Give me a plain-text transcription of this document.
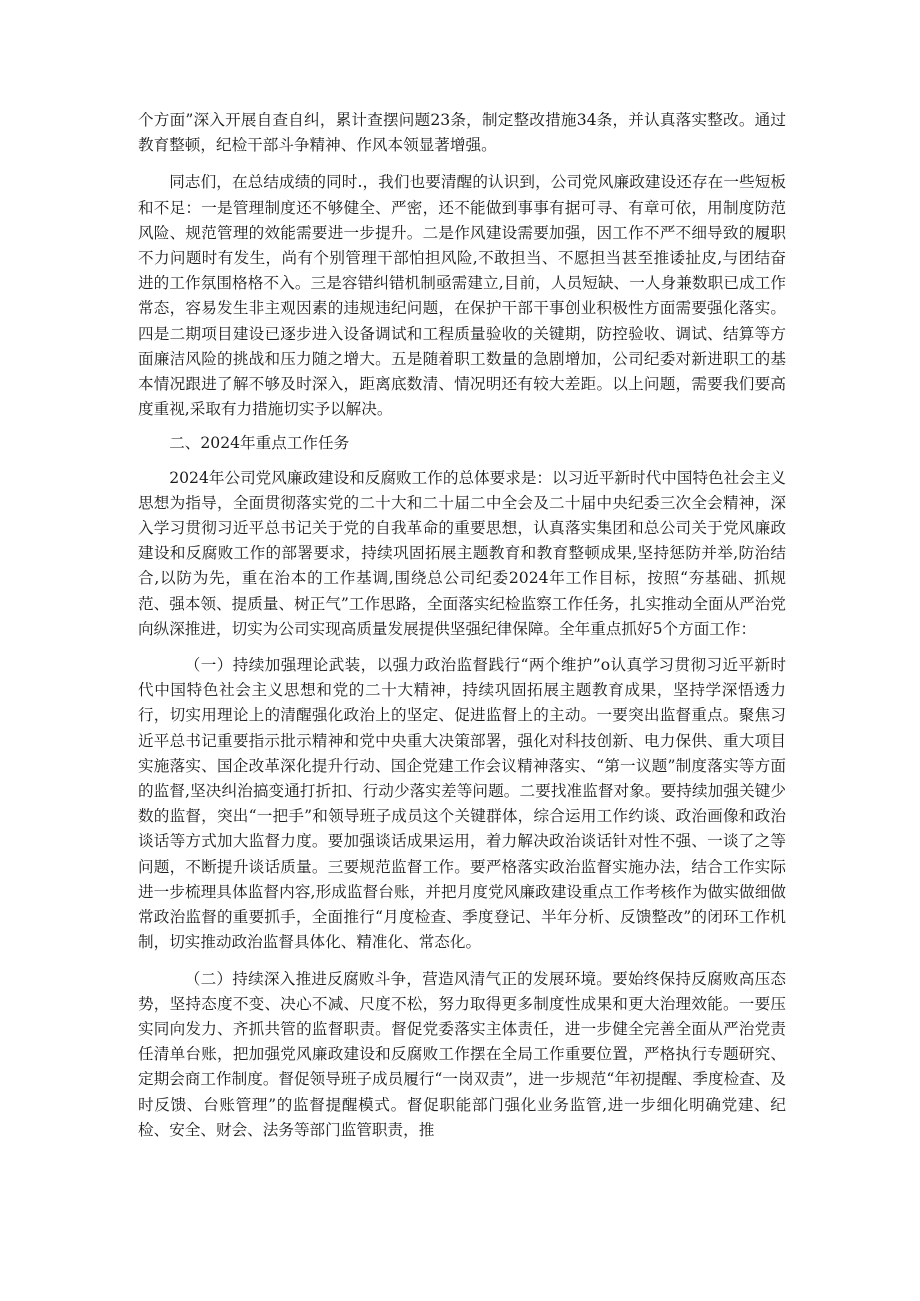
个方面”深入开展自查自纠，累计查摆问题23条，制定整改措施34条，并认真落实整改。通过教育整顿，纪检干部斗争精神、作风本领显著增强。

同志们，在总结成绩的同时.，我们也要清醒的认识到，公司党风廉政建设还存在一些短板和不足：一是管理制度还不够健全、严密，还不能做到事事有据可寻、有章可依，用制度防范风险、规范管理的效能需要进一步提升。二是作风建设需要加强，因工作不严不细导致的履职不力问题时有发生，尚有个别管理干部怕担风险,不敢担当、不愿担当甚至推诿扯皮,与团结奋进的工作氛围格格不入。三是容错纠错机制亟需建立,目前，人员短缺、一人身兼数职已成工作常态，容易发生非主观因素的违规违纪问题，在保护干部干事创业积极性方面需要强化落实。四是二期项目建设已逐步进入设备调试和工程质量验收的关键期，防控验收、调试、结算等方面廉洁风险的挑战和压力随之增大。五是随着职工数量的急剧增加，公司纪委对新进职工的基本情况跟进了解不够及时深入，距离底数清、情况明还有较大差距。以上问题，需要我们要高度重视,采取有力措施切实予以解决。

二、2024年重点工作任务

2024年公司党风廉政建设和反腐败工作的总体要求是：以习近平新时代中国特色社会主义思想为指导，全面贯彻落实党的二十大和二十届二中全会及二十届中央纪委三次全会精神，深入学习贯彻习近平总书记关于党的自我革命的重要思想，认真落实集团和总公司关于党风廉政建设和反腐败工作的部署要求，持续巩固拓展主题教育和教育整顿成果,坚持惩防并举,防治结合,以防为先，重在治本的工作基调,围绕总公司纪委2024年工作目标，按照“夯基础、抓规范、强本领、提质量、树正气”工作思路，全面落实纪检监察工作任务，扎实推动全面从严治党向纵深推进，切实为公司实现高质量发展提供坚强纪律保障。全年重点抓好5个方面工作：

（一）持续加强理论武装，以强力政治监督践行“两个维护”o认真学习贯彻习近平新时代中国特色社会主义思想和党的二十大精神，持续巩固拓展主题教育成果，坚持学深悟透力行，切实用理论上的清醒强化政治上的坚定、促进监督上的主动。一要突出监督重点。聚焦习近平总书记重要指示批示精神和党中央重大决策部署，强化对科技创新、电力保供、重大项目实施落实、国企改革深化提升行动、国企党建工作会议精神落实、“第一议题”制度落实等方面的监督,坚决纠治搞变通打折扣、行动少落实差等问题。二要找准监督对象。要持续加强关键少数的监督，突出“一把手”和领导班子成员这个关键群体，综合运用工作约谈、政治画像和政治谈话等方式加大监督力度。要加强谈话成果运用，着力解决政治谈话针对性不强、一谈了之等问题，不断提升谈话质量。三要规范监督工作。要严格落实政治监督实施办法，结合工作实际进一步梳理具体监督内容,形成监督台账，并把月度党风廉政建设重点工作考核作为做实做细做常政治监督的重要抓手，全面推行“月度检查、季度登记、半年分析、反馈整改”的闭环工作机制，切实推动政治监督具体化、精准化、常态化。

（二）持续深入推进反腐败斗争，营造风清气正的发展环境。要始终保持反腐败高压态势，坚持态度不变、决心不减、尺度不松，努力取得更多制度性成果和更大治理效能。一要压实同向发力、齐抓共管的监督职责。督促党委落实主体责任，进一步健全完善全面从严治党责任清单台账，把加强党风廉政建设和反腐败工作摆在全局工作重要位置，严格执行专题研究、定期会商工作制度。督促领导班子成员履行“一岗双责”，进一步规范“年初提醒、季度检查、及时反馈、台账管理”的监督提醒模式。督促职能部门强化业务监管,进一步细化明确党建、纪检、安全、财会、法务等部门监管职责，推
